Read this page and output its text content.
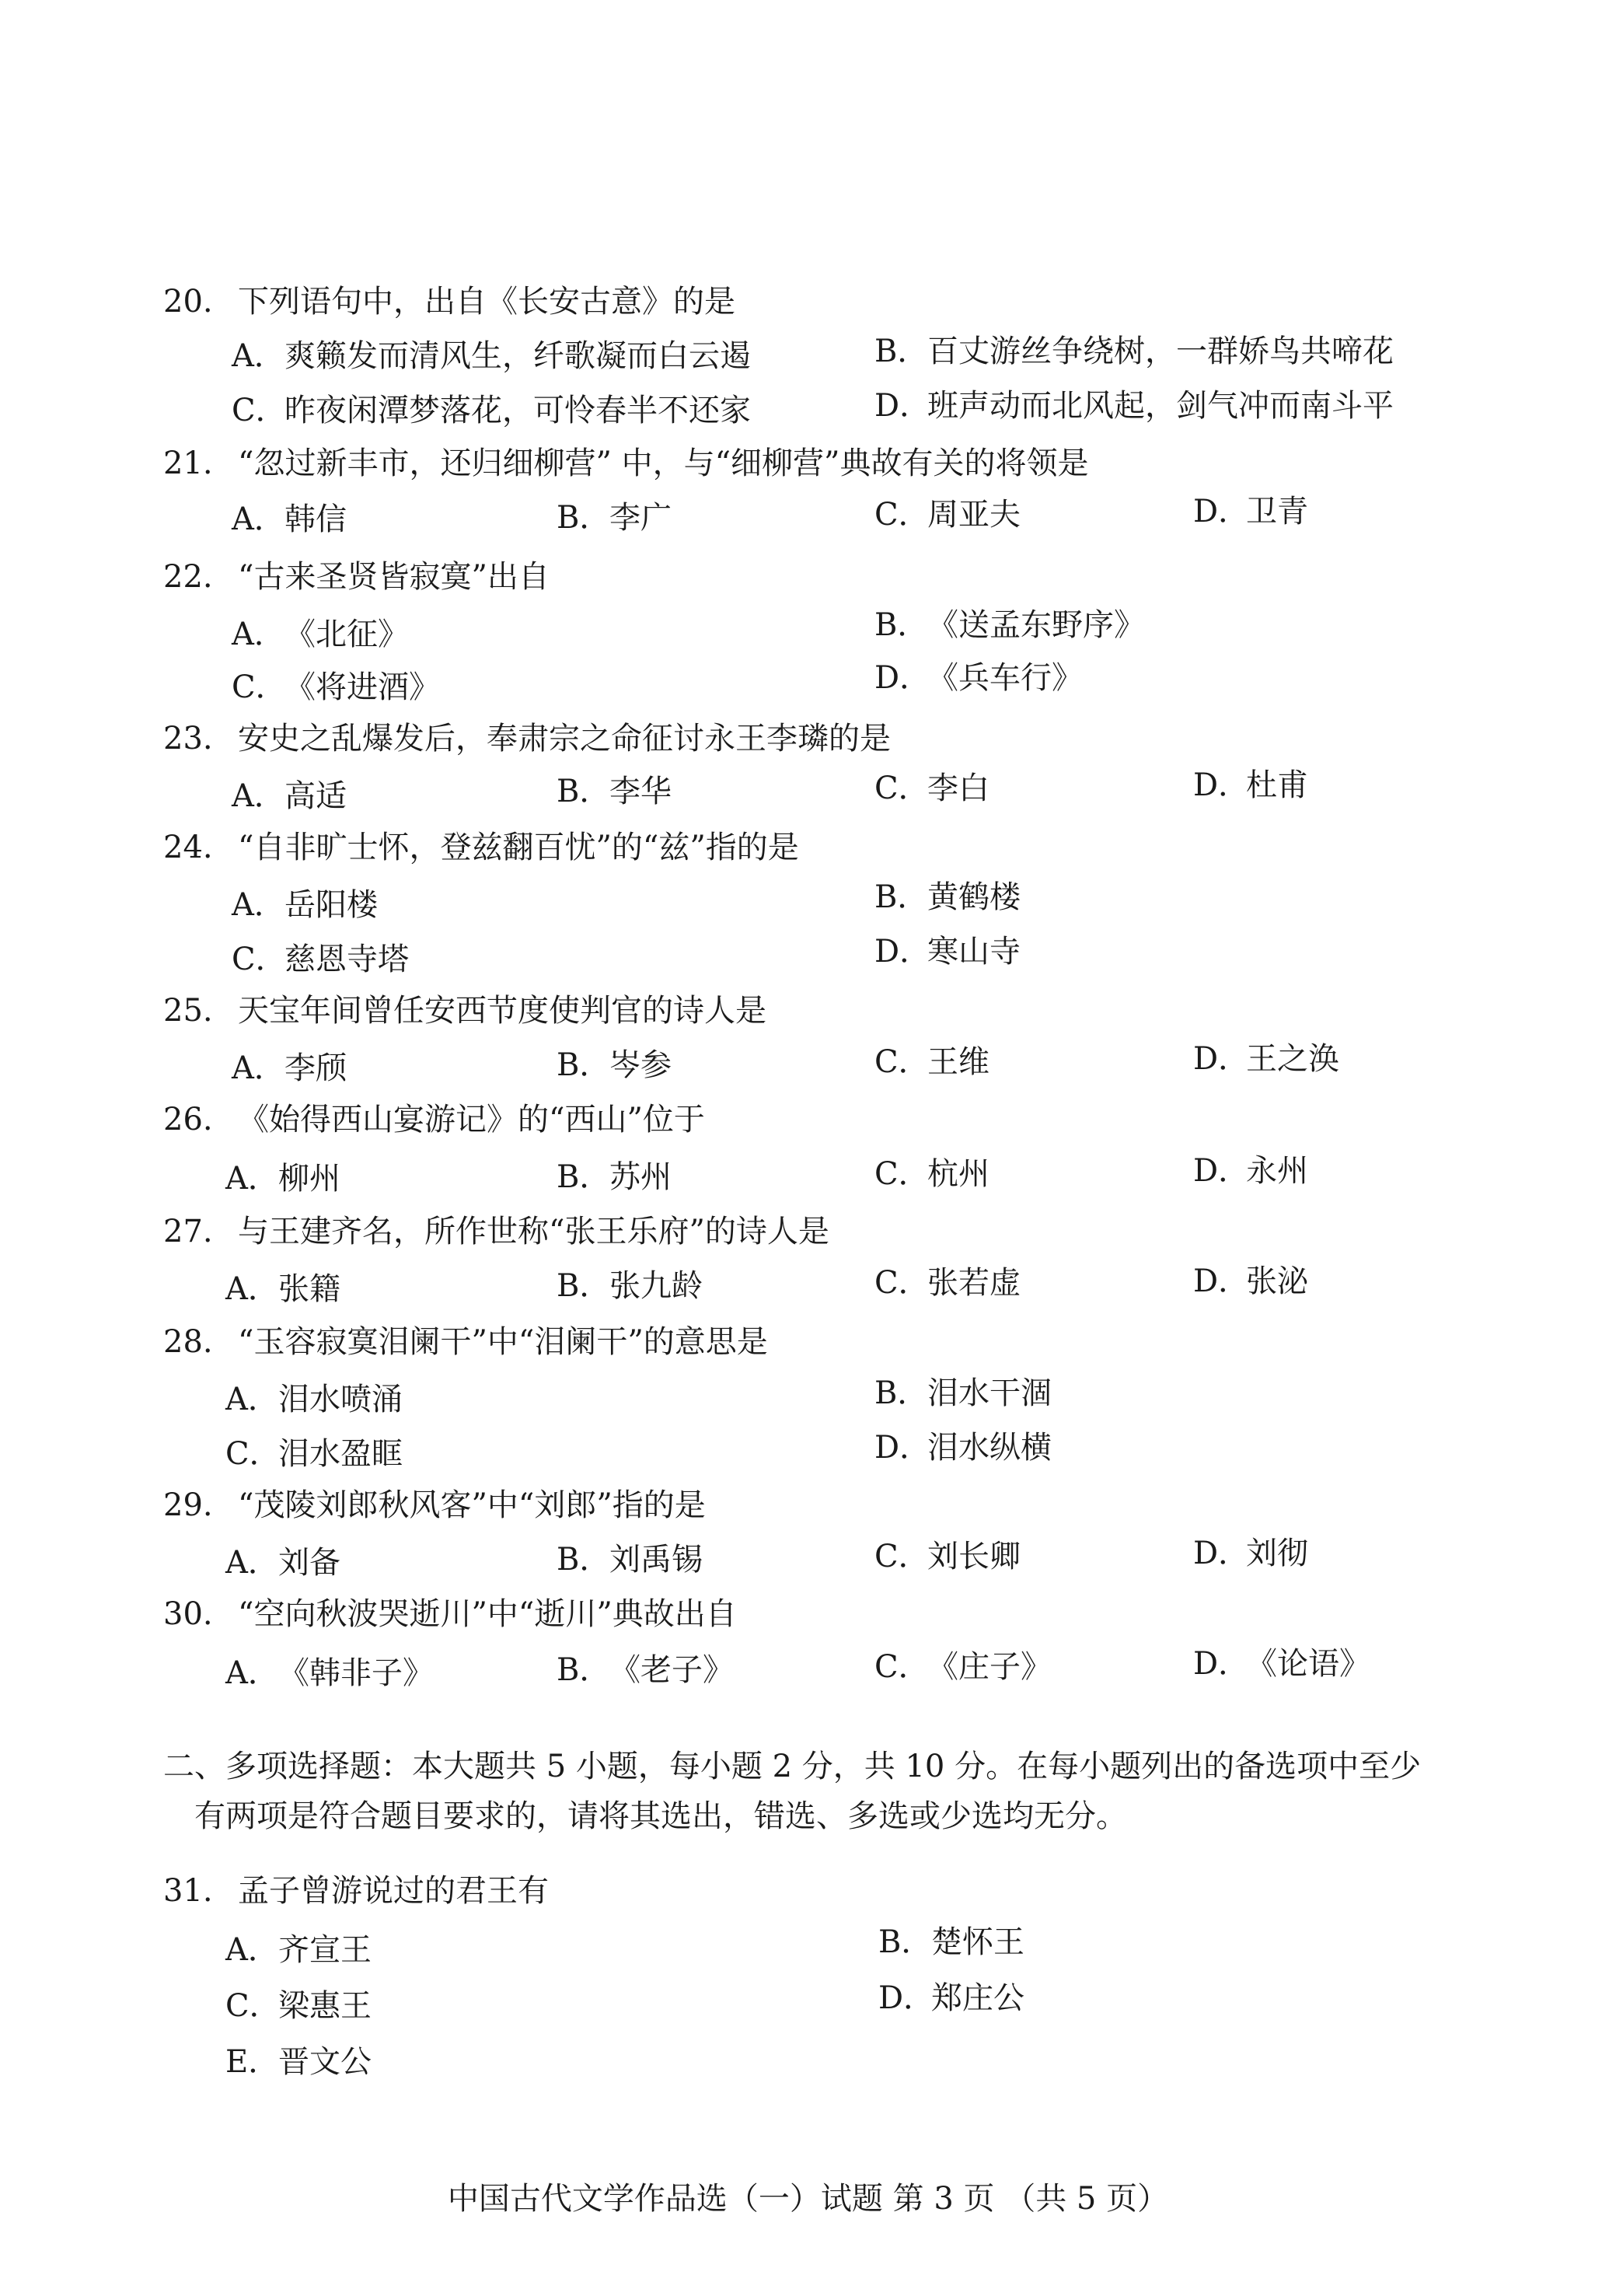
20. 下列语句中，出自《长安古意》的是
A．爽籁发而清风生，纤歌凝而白云遏	B．百丈游丝争绕树，一群娇鸟共啼花
C．昨夜闲潭梦落花，可怜春半不还家	D．班声动而北风起，剑气冲而南斗平
21. “忽过新丰市，还归细柳营” 中，与“细柳营”典故有关的将领是
A．韩信	B．李广	C．周亚夫	D．卫青
22. “古来圣贤皆寂寞”出自
A．《北征》	B．《送孟东野序》
C．《将进酒》	D．《兵车行》
23. 安史之乱爆发后，奉肃宗之命征讨永王李璘的是
A．高适	B．李华	C．李白	D．杜甫
24. “自非旷士怀，登兹翻百忧”的“兹”指的是
A．岳阳楼	B．黄鹤楼
C．慈恩寺塔	D．寒山寺
25. 天宝年间曾任安西节度使判官的诗人是
A．李颀	B．岑参	C．王维	D．王之涣
26. 《始得西山宴游记》的“西山”位于
A．柳州	B．苏州	C．杭州	D．永州
27. 与王建齐名，所作世称“张王乐府”的诗人是
A．张籍	B．张九龄	C．张若虚	D．张泌
28. “玉容寂寞泪阑干”中“泪阑干”的意思是
A．泪水喷涌	B．泪水干涸
C．泪水盈眶	D．泪水纵横
29. “茂陵刘郎秋风客”中“刘郎”指的是
A．刘备	B．刘禹锡	C．刘长卿	D．刘彻
30. “空向秋波哭逝川”中“逝川”典故出自
A．《韩非子》	B．《老子》	C．《庄子》	D．《论语》

二、多项选择题：本大题共 5 小题，每小题 2 分，共 10 分。在每小题列出的备选项中至少

有两项是符合题目要求的，请将其选出，错选、多选或少选均无分。

31. 孟子曾游说过的君王有
A．齐宣王	B．楚怀王
C．梁惠王	D．郑庄公
E．晋文公
中国古代文学作品选（一）试题 第 3 页 （共 5 页）
